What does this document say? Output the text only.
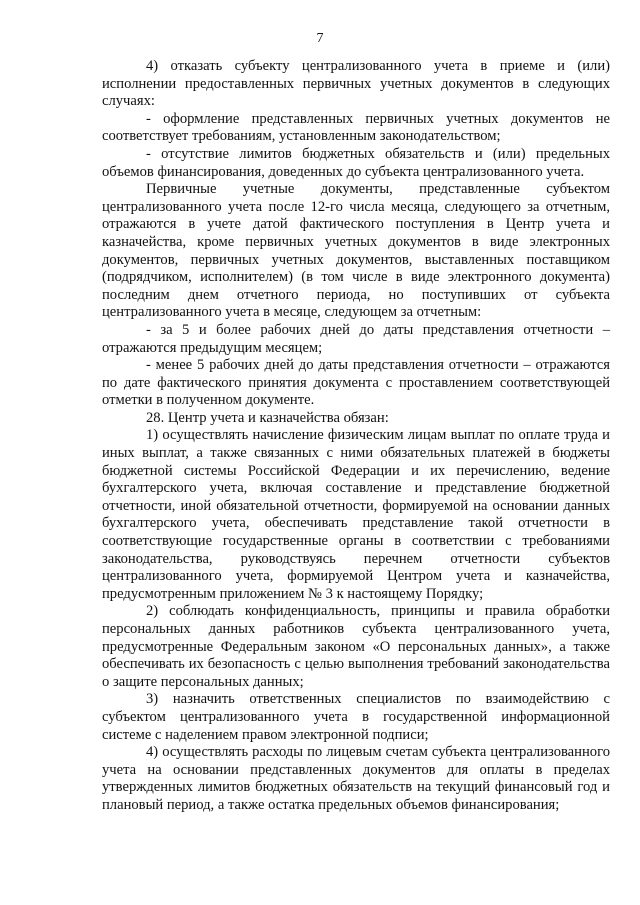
7

4) отказать субъекту централизованного учета в приеме и (или) исполнении предоставленных первичных учетных документов в следующих случаях:

- оформление представленных первичных учетных документов не соответствует требованиям, установленным законодательством;

- отсутствие лимитов бюджетных обязательств и (или) предельных объемов финансирования, доведенных до субъекта централизованного учета.

Первичные учетные документы, представленные субъектом централизованного учета после 12-го числа месяца, следующего за отчетным, отражаются в учете датой фактического поступления в Центр учета и казначейства, кроме первичных учетных документов в виде электронных документов, первичных учетных документов, выставленных поставщиком (подрядчиком, исполнителем) (в том числе в виде электронного документа) последним днем отчетного периода, но поступивших от субъекта централизованного учета в месяце, следующем за отчетным:

- за 5 и более рабочих дней до даты представления отчетности – отражаются предыдущим месяцем;

- менее 5 рабочих дней до даты представления отчетности – отражаются по дате фактического принятия документа с проставлением соответствующей отметки в полученном документе.

28. Центр учета и казначейства обязан:

1) осуществлять начисление физическим лицам выплат по оплате труда и иных выплат, а также связанных с ними обязательных платежей в бюджеты бюджетной системы Российской Федерации и их перечислению, ведение бухгалтерского учета, включая составление и представление бюджетной отчетности, иной обязательной отчетности, формируемой на основании данных бухгалтерского учета, обеспечивать представление такой отчетности в соответствующие государственные органы в соответствии с требованиями законодательства, руководствуясь перечнем отчетности субъектов централизованного учета, формируемой Центром учета и казначейства, предусмотренным приложением № 3 к настоящему Порядку;

2) соблюдать конфиденциальность, принципы и правила обработки персональных данных работников субъекта централизованного учета, предусмотренные Федеральным законом «О персональных данных», а также обеспечивать их безопасность с целью выполнения требований законодательства о защите персональных данных;

3) назначить ответственных специалистов по взаимодействию с субъектом централизованного учета в государственной информационной системе с наделением правом электронной подписи;

4) осуществлять расходы по лицевым счетам субъекта централизованного учета на основании представленных документов для оплаты в пределах утвержденных лимитов бюджетных обязательств на текущий финансовый год и плановый период, а также остатка предельных объемов финансирования;
